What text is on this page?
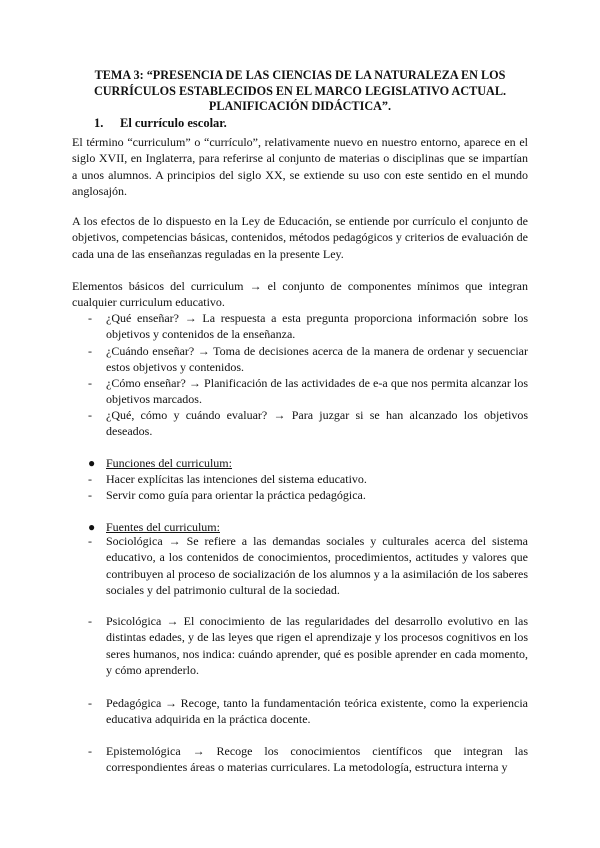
TEMA 3: “PRESENCIA DE LAS CIENCIAS DE LA NATURALEZA EN LOS
CURRÍCULOS ESTABLECIDOS EN EL MARCO LEGISLATIVO ACTUAL.
PLANIFICACIÓN DIDÁCTICA”.
1. El currículo escolar.
El término “curriculum” o “currículo”, relativamente nuevo en nuestro entorno, aparece en el siglo XVII, en Inglaterra, para referirse al conjunto de materias o disciplinas que se impartían a unos alumnos. A principios del siglo XX, se extiende su uso con este sentido en el mundo anglosajón.
A los efectos de lo dispuesto en la Ley de Educación, se entiende por currículo el conjunto de objetivos, competencias básicas, contenidos, métodos pedagógicos y criterios de evaluación de cada una de las enseñanzas reguladas en la presente Ley.
Elementos básicos del curriculum → el conjunto de componentes mínimos que integran cualquier curriculum educativo.
- ¿Qué enseñar? → La respuesta a esta pregunta proporciona información sobre los objetivos y contenidos de la enseñanza.
- ¿Cuándo enseñar? → Toma de decisiones acerca de la manera de ordenar y secuenciar estos objetivos y contenidos.
- ¿Cómo enseñar? → Planificación de las actividades de e-a que nos permita alcanzar los objetivos marcados.
- ¿Qué, cómo y cuándo evaluar? → Para juzgar si se han alcanzado los objetivos deseados.
● Funciones del curriculum:
- Hacer explícitas las intenciones del sistema educativo.
- Servir como guía para orientar la práctica pedagógica.
● Fuentes del curriculum:
- Sociológica → Se refiere a las demandas sociales y culturales acerca del sistema educativo, a los contenidos de conocimientos, procedimientos, actitudes y valores que contribuyen al proceso de socialización de los alumnos y a la asimilación de los saberes sociales y del patrimonio cultural de la sociedad.
- Psicológica → El conocimiento de las regularidades del desarrollo evolutivo en las distintas edades, y de las leyes que rigen el aprendizaje y los procesos cognitivos en los seres humanos, nos indica: cuándo aprender, qué es posible aprender en cada momento, y cómo aprenderlo.
- Pedagógica → Recoge, tanto la fundamentación teórica existente, como la experiencia educativa adquirida en la práctica docente.
- Epistemológica → Recoge los conocimientos científicos que integran las correspondientes áreas o materias curriculares. La metodología, estructura interna y
